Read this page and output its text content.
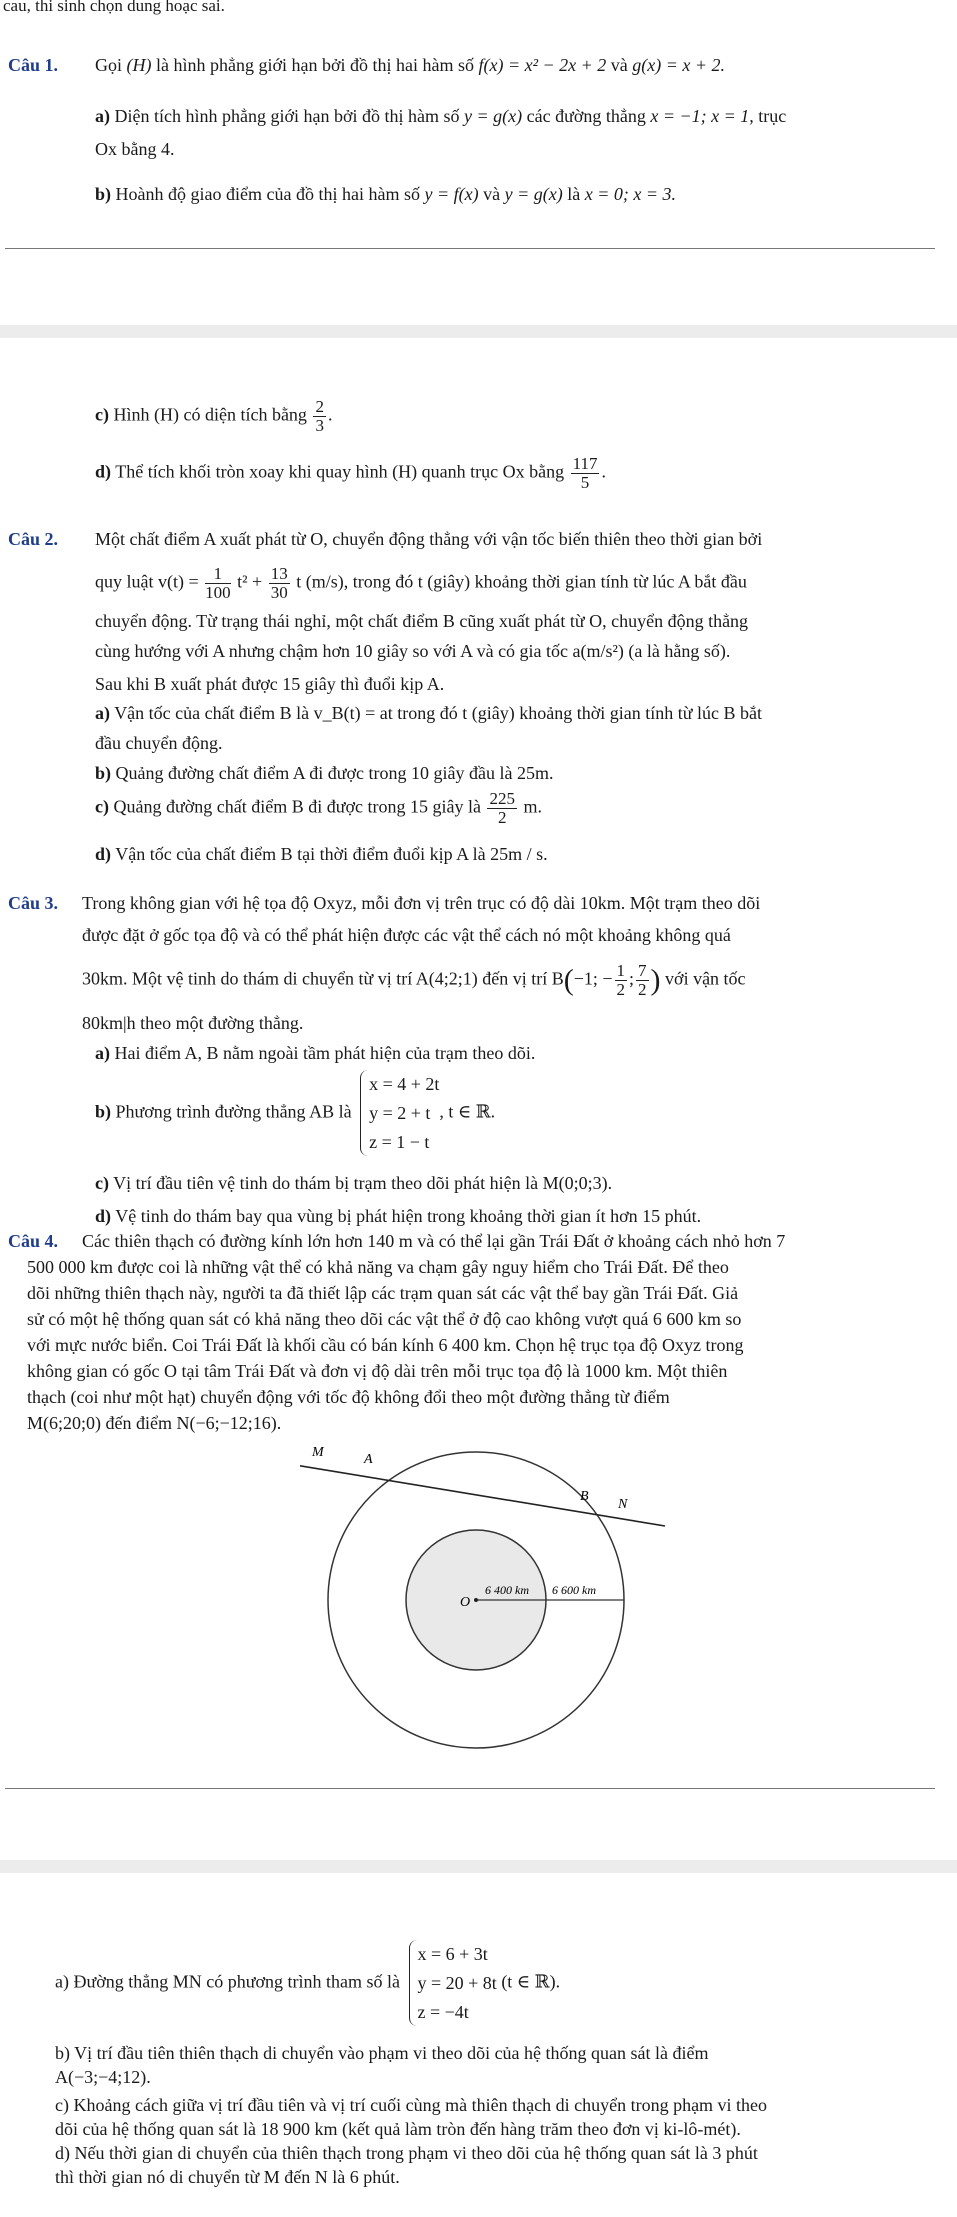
cau, thi sinh chọn dung hoạc sai.
Câu 1. Gọi (H) là hình phẳng giới hạn bởi đồ thị hai hàm số f(x) = x² − 2x + 2 và g(x) = x + 2.
a) Diện tích hình phẳng giới hạn bởi đồ thị hàm số y = g(x) các đường thẳng x = −1; x = 1, trục
Ox bằng 4.
b) Hoành độ giao điểm của đồ thị hai hàm số y = f(x) và y = g(x) là x = 0; x = 3.
c) Hình (H) có diện tích bằng $\frac{2}{3}$ .
d) Thể tích khối tròn xoay khi quay hình (H) quanh trục Ox bằng $\frac{117}{5}$ .
Câu 2. Một chất điểm A xuất phát từ O, chuyển động thẳng với vận tốc biến thiên theo thời gian bởi
quy luật $v(t) = \frac{1}{100} t^2 + \frac{13}{30}$ t (m/s), trong đó t (giây) khoảng thời gian tính từ lúc A bắt đầu
chuyển động. Từ trạng thái nghỉ, một chất điểm B cũng xuất phát từ O, chuyển động thẳng
cùng hướng với A nhưng chậm hơn 10 giây so với A và có gia tốc a(m/s²) (a là hằng số).
Sau khi B xuất phát được 15 giây thì đuổi kịp A.
a) Vận tốc của chất điểm B là v_B(t) = at trong đó t (giây) khoảng thời gian tính từ lúc B bắt
đầu chuyển động.
b) Quảng đường chất điểm A đi được trong 10 giây đầu là 25m.
c) Quảng đường chất điểm B đi được trong 15 giây là $\frac{225}{2} m$.
d) Vận tốc của chất điểm B tại thời điểm đuổi kịp A là 25m / s.
Câu 3. Trong không gian với hệ tọa độ Oxyz, mỗi đơn vị trên trục có độ dài 10km. Một trạm theo dõi
được đặt ở gốc tọa độ và có thể phát hiện được các vật thể cách nó một khoảng không quá
30km. Một vệ tinh do thám di chuyển từ vị trí A(4;2;1) đến vị trí B(−1; − $\frac{1}{2}$ ; $\frac{7}{2}$ ) với vận tốc
80km|h theo một đường thẳng.
a) Hai điểm A, B nằm ngoài tầm phát hiện của trạm theo dõi.
b) Phương trình đường thẳng AB là
x = 4 + 2t
y = 2 + t
z = 1 − t
, t ∈ ℝ.
c) Vị trí đầu tiên vệ tinh do thám bị trạm theo dõi phát hiện là M(0;0;3).
d) Vệ tinh do thám bay qua vùng bị phát hiện trong khoảng thời gian ít hơn 15 phút.
Câu 4. Các thiên thạch có đường kính lớn hơn 140 m và có thể lại gần Trái Đất ở khoảng cách nhỏ hơn 7
500 000 km được coi là những vật thể có khả năng va chạm gây nguy hiểm cho Trái Đất. Để theo
dõi những thiên thạch này, người ta đã thiết lập các trạm quan sát các vật thể bay gần Trái Đất. Giả
sử có một hệ thống quan sát có khả năng theo dõi các vật thể ở độ cao không vượt quá 6 600 km so
với mực nước biển. Coi Trái Đất là khối cầu có bán kính 6 400 km. Chọn hệ trục tọa độ Oxyz trong
không gian có gốc O tại tâm Trái Đất và đơn vị độ dài trên mỗi trục tọa độ là 1000 km. Một thiên
thạch (coi như một hạt) chuyển động với tốc độ không đổi theo một đường thẳng từ điểm
M(6;20;0) đến điểm N(−6;−12;16).
M	A
B
N
O
6 400 km 6 600 km
a) Đường thẳng MN có phương trình tham số là
x = 6 + 3t
y = 20 + 8t
z = −4t
(t ∈ ℝ).
b) Vị trí đầu tiên thiên thạch di chuyển vào phạm vi theo dõi của hệ thống quan sát là điểm
A(−3;−4;12).
c) Khoảng cách giữa vị trí đầu tiên và vị trí cuối cùng mà thiên thạch di chuyển trong phạm vi theo
dõi của hệ thống quan sát là 18 900 km (kết quả làm tròn đến hàng trăm theo đơn vị ki-lô-mét).
d) Nếu thời gian di chuyển của thiên thạch trong phạm vi theo dõi của hệ thống quan sát là 3 phút
thì thời gian nó di chuyển từ M đến N là 6 phút.
